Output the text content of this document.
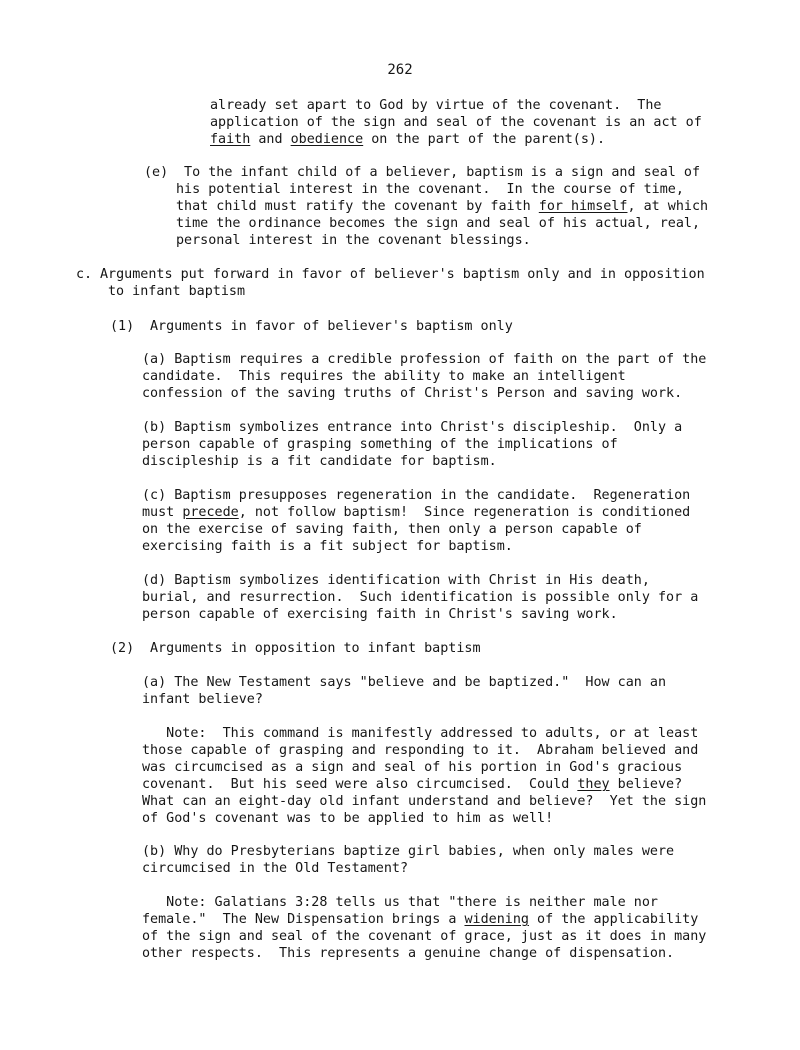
262
already set apart to God by virtue of the covenant.  The
application of the sign and seal of the covenant is an act of
faith and obedience on the part of the parent(s).
(e) To the infant child of a believer, baptism is a sign and seal of
his potential interest in the covenant.  In the course of time,
that child must ratify the covenant by faith for himself, at which
time the ordinance becomes the sign and seal of his actual, real,
personal interest in the covenant blessings.
c. Arguments put forward in favor of believer's baptism only and in opposition
to infant baptism
(1) Arguments in favor of believer's baptism only
(a) Baptism requires a credible profession of faith on the part of the
candidate.  This requires the ability to make an intelligent
confession of the saving truths of Christ's Person and saving work.
(b) Baptism symbolizes entrance into Christ's discipleship.  Only a
person capable of grasping something of the implications of
discipleship is a fit candidate for baptism.
(c) Baptism presupposes regeneration in the candidate.  Regeneration
must precede, not follow baptism!  Since regeneration is conditioned
on the exercise of saving faith, then only a person capable of
exercising faith is a fit subject for baptism.
(d) Baptism symbolizes identification with Christ in His death,
burial, and resurrection.  Such identification is possible only for a
person capable of exercising faith in Christ's saving work.
(2) Arguments in opposition to infant baptism
(a) The New Testament says "believe and be baptized."  How can an
infant believe?
Note:  This command is manifestly addressed to adults, or at least
those capable of grasping and responding to it.  Abraham believed and
was circumcised as a sign and seal of his portion in God's gracious
covenant.  But his seed were also circumcised.  Could they believe?
What can an eight-day old infant understand and believe?  Yet the sign
of God's covenant was to be applied to him as well!
(b) Why do Presbyterians baptize girl babies, when only males were
circumcised in the Old Testament?
Note: Galatians 3:28 tells us that "there is neither male nor
female."  The New Dispensation brings a widening of the applicability
of the sign and seal of the covenant of grace, just as it does in many
other respects.  This represents a genuine change of dispensation.
